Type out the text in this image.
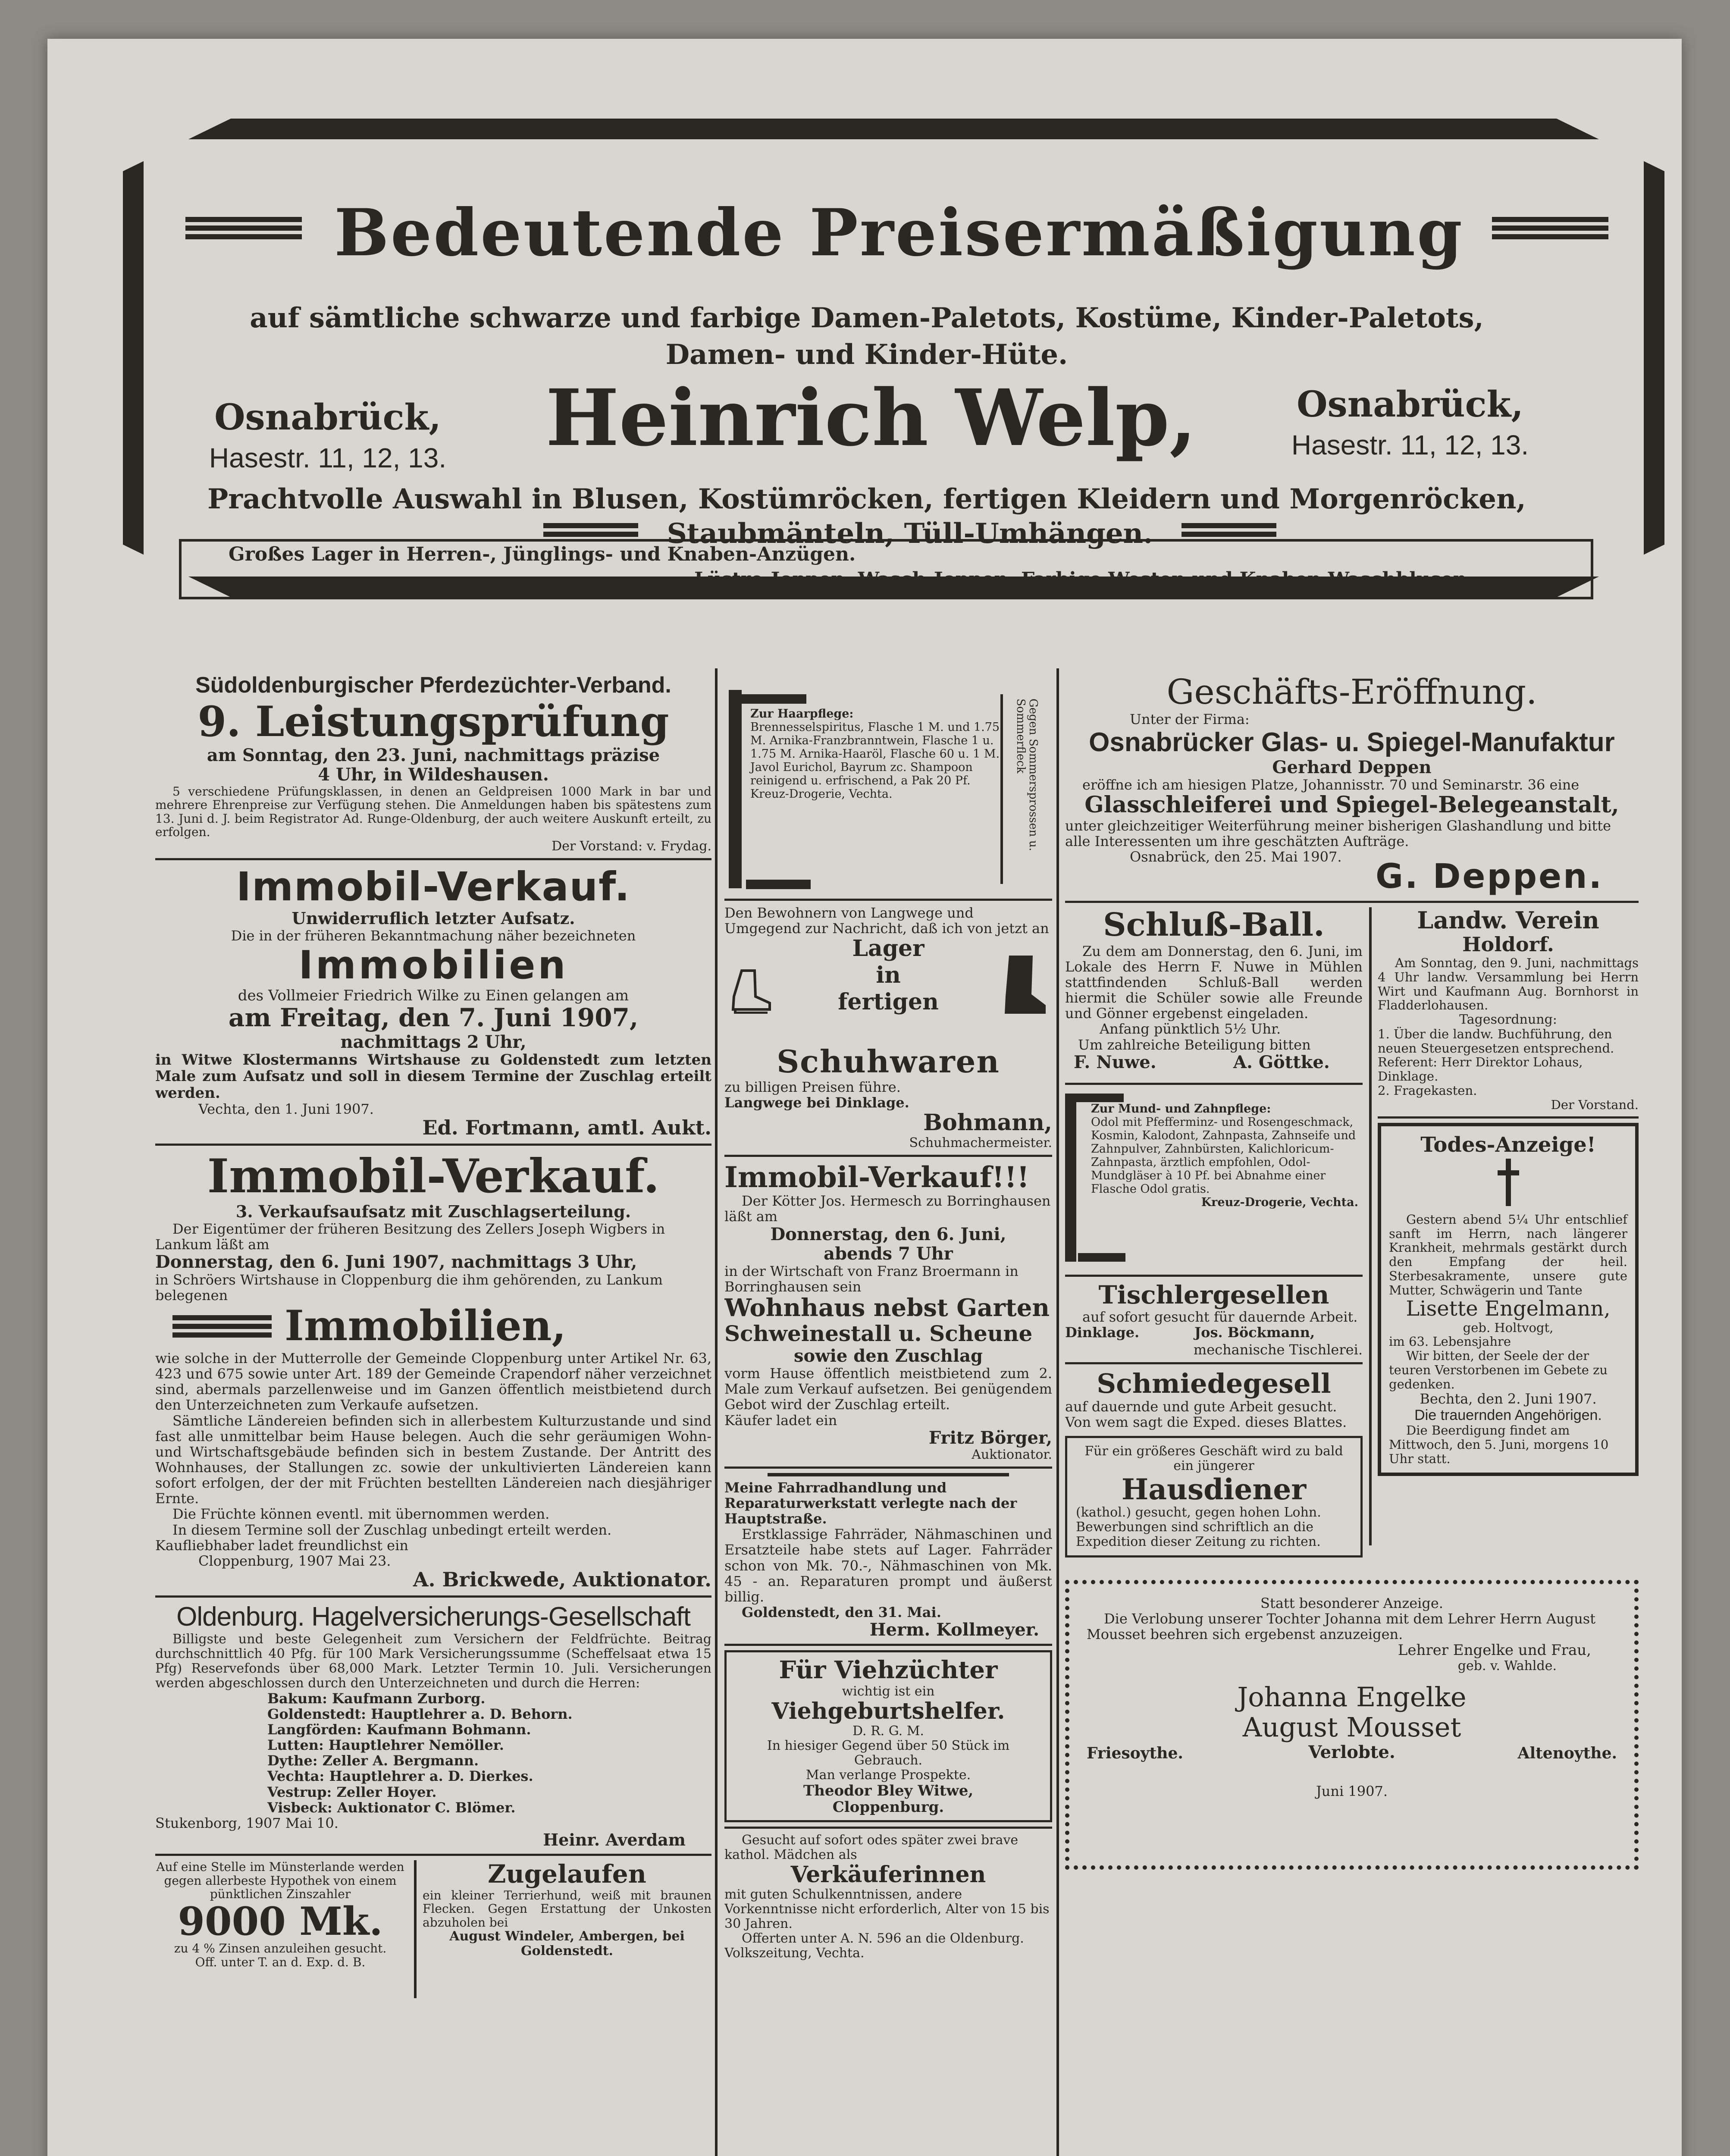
Bedeutende Preisermäßigung
auf sämtliche schwarze und farbige Damen-Paletots, Kostüme, Kinder-Paletots,
Damen- und Kinder-Hüte.
Osnabrück,
Hasestr. 11, 12, 13.	Heinrich Welp,	Osnabrück,
Hasestr. 11, 12, 13.
Prachtvolle Auswahl in Blusen, Kostümröcken, fertigen Kleidern und Morgenröcken,
Staubmänteln, Tüll-Umhängen.
Großes Lager in Herren-, Jünglings- und Knaben-Anzügen.
Lüstre-Joppen, Wasch-Joppen, Farbige Westen und Knaben-Waschblusen.
Südoldenburgischer Pferdezüchter-Verband.
9. Leistungsprüfung
am Sonntag, den 23. Juni, nachmittags präzise
4 Uhr, in Wildeshausen.

5 verschiedene Prüfungsklassen, in denen an Geldpreisen 1000 Mark in bar und mehrere Ehrenpreise zur Verfügung stehen. Die Anmeldungen haben bis spätestens zum 13. Juni d. J. beim Registrator Ad. Runge-Oldenburg, der auch weitere Auskunft erteilt, zu erfolgen.

Der Vorstand: v. Frydag.
Immobil-Verkauf.
Unwiderruflich letzter Aufsatz.
Die in der früheren Bekanntmachung näher bezeichneten
Immobilien
des Vollmeier Friedrich Wilke zu Einen gelangen am
am Freitag, den 7. Juni 1907,
nachmittags 2 Uhr,

in Witwe Klostermanns Wirtshause zu Goldenstedt zum letzten Male zum Aufsatz und soll in diesem Termine der Zuschlag erteilt werden.

Vechta, den 1. Juni 1907.
Ed. Fortmann, amtl. Aukt.
Immobil-Verkauf.
3. Verkaufsaufsatz mit Zuschlagserteilung.

Der Eigentümer der früheren Besitzung des Zellers Joseph Wigbers in Lankum läßt am

Donnerstag, den 6. Juni 1907, nachmittags 3 Uhr,

in Schröers Wirtshause in Cloppenburg die ihm gehörenden, zu Lankum belegenen

Immobilien,

wie solche in der Mutterrolle der Gemeinde Cloppenburg unter Artikel Nr. 63, 423 und 675 sowie unter Art. 189 der Gemeinde Crapendorf näher verzeichnet sind, abermals parzellenweise und im Ganzen öffentlich meistbietend durch den Unterzeichneten zum Verkaufe aufsetzen.

Sämtliche Ländereien befinden sich in allerbestem Kulturzustande und sind fast alle unmittelbar beim Hause belegen. Auch die sehr geräumigen Wohn- und Wirtschaftsgebäude befinden sich in bestem Zustande. Der Antritt des Wohnhauses, der Stallungen zc. sowie der unkultivierten Ländereien kann sofort erfolgen, der der mit Früchten bestellten Ländereien nach diesjähriger Ernte.

Die Früchte können eventl. mit übernommen werden.

In diesem Termine soll der Zuschlag unbedingt erteilt werden. Kaufliebhaber ladet freundlichst ein

Cloppenburg, 1907 Mai 23.
A. Brickwede, Auktionator.
Oldenburg. Hagelversicherungs-Gesellschaft

Billigste und beste Gelegenheit zum Versichern der Feldfrüchte. Beitrag durchschnittlich 40 Pfg. für 100 Mark Versicherungssumme (Scheffelsaat etwa 15 Pfg) Reservefonds über 68,000 Mark. Letzter Termin 10. Juli. Versicherungen werden abgeschlossen durch den Unterzeichneten und durch die Herren:

Bakum: Kaufmann Zurborg.
Goldenstedt: Hauptlehrer a. D. Behorn.
Langförden: Kaufmann Bohmann.
Lutten: Hauptlehrer Nemöller.
Dythe: Zeller A. Bergmann.
Vechta: Hauptlehrer a. D. Dierkes.
Vestrup: Zeller Hoyer.
Visbeck: Auktionator C. Blömer.
Stukenborg, 1907 Mai 10.
Heinr. Averdam

Auf eine Stelle im Münsterlande werden gegen allerbeste Hypothek von einem pünktlichen Zinszahler

9000 Mk.
zu 4 % Zinsen anzuleihen gesucht.
Off. unter T. an d. Exp. d. B.
Zugelaufen

ein kleiner Terrierhund, weiß mit braunen Flecken. Gegen Erstattung der Unkosten abzuholen bei

August Windeler, Ambergen, bei Goldenstedt.
Zur Haarpflege:
Brennesselspiritus, Flasche 1 M. und 1.75 M. Arnika-Franzbranntwein, Flasche 1 u. 1.75 M. Arnika-Haaröl, Flasche 60 u. 1 M. Javol Eurichol, Bayrum zc. Shampoon reinigend u. erfrischend, a Pak 20 Pf. Kreuz-Drogerie, Vechta.	Gegen Sommersprossen u. Sommerfleck

Den Bewohnern von Langwege und Umgegend zur Nachricht, daß ich von jetzt an

Lager
in
fertigen
Schuhwaren
zu billigen Preisen führe.
Langwege bei Dinklage.
Bohmann,
Schuhmachermeister.
Immobil-Verkauf!!!

Der Kötter Jos. Hermesch zu Borringhausen läßt am

Donnerstag, den 6. Juni,
abends 7 Uhr

in der Wirtschaft von Franz Broermann in Borringhausen sein

Wohnhaus nebst Garten
Schweinestall u. Scheune
sowie den Zuschlag

vorm Hause öffentlich meistbietend zum 2. Male zum Verkauf aufsetzen. Bei genügendem Gebot wird der Zuschlag erteilt.

Käufer ladet ein
Fritz Börger,
Auktionator.

Meine Fahrradhandlung und Reparaturwerkstatt verlegte nach der Hauptstraße.

Erstklassige Fahrräder, Nähmaschinen und Ersatzteile habe stets auf Lager. Fahrräder schon von Mk. 70.-, Nähmaschinen von Mk. 45 - an. Reparaturen prompt und äußerst billig.

Goldenstedt, den 31. Mai.
Herm. Kollmeyer.
Für Viehzüchter
wichtig ist ein
Viehgeburtshelfer.
D. R. G. M.
In hiesiger Gegend über 50 Stück im Gebrauch.
Man verlange Prospekte.
Theodor Bley Witwe,
Cloppenburg.

Gesucht auf sofort odes später zwei brave kathol. Mädchen als

Verkäuferinnen

mit guten Schulkenntnissen, andere Vorkenntnisse nicht erforderlich, Alter von 15 bis 30 Jahren.

Offerten unter A. N. 596 an die Oldenburg. Volkszeitung, Vechta.

Geschäfts-Eröffnung.
Unter der Firma:
Osnabrücker Glas- u. Spiegel-Manufaktur
Gerhard Deppen

eröffne ich am hiesigen Platze, Johannisstr. 70 und Seminarstr. 36 eine

Glasschleiferei und Spiegel-Belegeanstalt,

unter gleichzeitiger Weiterführung meiner bisherigen Glashandlung und bitte alle Interessenten um ihre geschätzten Aufträge.

Osnabrück, den 25. Mai 1907.
G. Deppen.
Schluß-Ball.

Zu dem am Donnerstag, den 6. Juni, im Lokale des Herrn F. Nuwe in Mühlen stattfindenden Schluß-Ball werden hiermit die Schüler sowie alle Freunde und Gönner ergebenst eingeladen.

Anfang pünktlich 5½ Uhr.
Um zahlreiche Beteiligung bitten
F. Nuwe.	A. Göttke.
Zur Mund- und Zahnpflege:
Odol mit Pfefferminz- und Rosengeschmack, Kosmin, Kalodont, Zahnpasta, Zahnseife und Zahnpulver, Zahnbürsten, Kalichloricum-Zahnpasta, ärztlich empfohlen, Odol-Mundgläser à 10 Pf. bei Abnahme einer Flasche Odol gratis.
Kreuz-Drogerie, Vechta.
Tischlergesellen

auf sofort gesucht für dauernde Arbeit.

Dinklage.	Jos. Böckmann,
mechanische Tischlerei.
Schmiedegesell

auf dauernde und gute Arbeit gesucht. Von wem sagt die Exped. dieses Blattes.

Für ein größeres Geschäft wird zu bald ein jüngerer

Hausdiener

(kathol.) gesucht, gegen hohen Lohn. Bewerbungen sind schriftlich an die Expedition dieser Zeitung zu richten.

Landw. Verein
Holdorf.

Am Sonntag, den 9. Juni, nachmittags 4 Uhr landw. Versammlung bei Herrn Wirt und Kaufmann Aug. Bornhorst in Fladderlohausen.

Tagesordnung:

1. Über die landw. Buchführung, den neuen Steuergesetzen entsprechend. Referent: Herr Direktor Lohaus, Dinklage.

2. Fragekasten.

Der Vorstand.
Todes-Anzeige!

Gestern abend 5¼ Uhr entschlief sanft im Herrn, nach längerer Krankheit, mehrmals gestärkt durch den Empfang der heil. Sterbesakramente, unsere gute Mutter, Schwägerin und Tante

Lisette Engelmann,
geb. Holtvogt,
im 63. Lebensjahre

Wir bitten, der Seele der der teuren Verstorbenen im Gebete zu gedenken.

Bechta, den 2. Juni 1907.
Die trauernden Angehörigen.

Die Beerdigung findet am Mittwoch, den 5. Juni, morgens 10 Uhr statt.

Statt besonderer Anzeige.

Die Verlobung unserer Tochter Johanna mit dem Lehrer Herrn August Mousset beehren sich ergebenst anzuzeigen.

Lehrer Engelke und Frau,
geb. v. Wahlde.
Johanna Engelke
August Mousset
Verlobte.
Friesoythe.	Altenoythe.
Juni 1907.
